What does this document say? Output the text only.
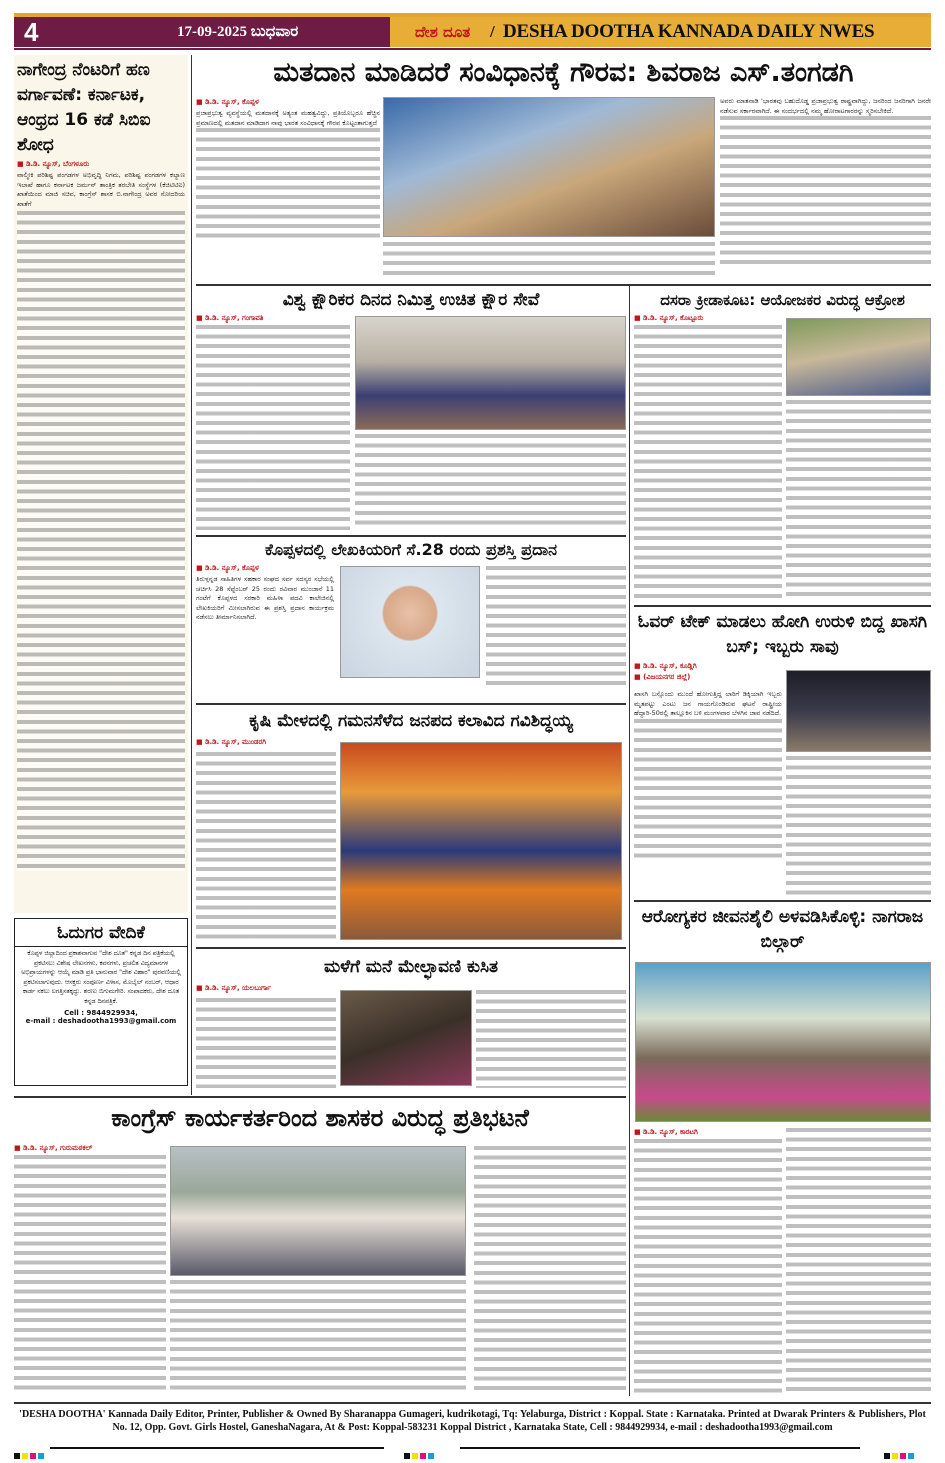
4	17-09-2025 ಬುಧವಾರ	ದೇಶ ದೂತ / DESHA DOOTHA KANNADA DAILY NWES
ನಾಗೇಂದ್ರ ನೆಂಟರಿಗೆ ಹಣ ವರ್ಗಾವಣೆ: ಕರ್ನಾಟಕ, ಆಂಧ್ರದ 16 ಕಡೆ ಸಿಬಿಐ ಶೋಧ
■ ಡಿ.ಡಿ. ನ್ಯೂಸ್, ಬೆಂಗಳೂರು
ವಾಲ್ಮೀಕಿ ಪರಿಶಿಷ್ಟ ಪಂಗಡಗಳ ಅಭಿವೃದ್ಧಿ ನಿಗಮ, ಪರಿಶಿಷ್ಟ ಪಂಗಡಗಳ ಕಲ್ಯಾಣ ಇಲಾಖೆ ಹಾಗೂ ಕರ್ನಾಟಕ ಜರ್ಮನ್ ತಾಂತ್ರಿಕ ತರಬೇತಿ ಸಂಸ್ಥೆಗಳ (ಕೆಜಿಟಿಟಿಐ) ಖಾತೆಯಿಂದ ಮಾಜಿ ಸಚಿವ, ಕಾಂಗ್ರೆಸ್ ಶಾಸಕ ಬಿ.ನಾಗೇಂದ್ರ ಅವರ ಸೋದರಿಯ ಖಾತೆಗೆ
ಓದುಗರ ವೇದಿಕೆ
ಕೊಪ್ಪಳ ಜಿಲ್ಲಾದಿಂದ ಪ್ರಕಾಶವಾಗುವ "ದೇಶ ದೂತ" ಕನ್ನಡ ದಿನ ಪತ್ರಿಕೆಯಲ್ಲಿ ಪ್ರಕಟಿಸಲು ವಿಶೇಷ ಲೇಖನಗಳು, ಕವನಗಳು, ಪ್ರಚಲಿತ ವಿದ್ಯಮಾನಗಳ ಅಭಿಪ್ರಾಯಗಳನ್ನು ಆಯ್ಕೆ ಮಾಡಿ ಪ್ರತಿ ಭಾನುವಾರ "ದೇಶ ವಿಹಾರ" ಪುರವಣಿಯಲ್ಲಿ ಪ್ರಕಟಿಸಲಾಗುವುದು. ಆಸಕ್ತರು ಸಂಪೂರ್ಣ ವಿಳಾಸ, ಮೊಬೈಲ್ ನಂಬರ್, ಆಧಾರ ಕಾರ್ಡ ನಕಲು ಲಗತ್ತಿಸತಕ್ಕದ್ದು. ಶರಣು ಬಿಗುಮಗೇರಿ. ಸಂಪಾದಕರು, ದೇಶ ದೂತ ಕನ್ನಡ ದಿನಪತ್ರಿಕೆ.
Cell : 9844929934,
e-mail : deshadootha1993@gmail.com
ಮತದಾನ ಮಾಡಿದರೆ ಸಂವಿಧಾನಕ್ಕೆ ಗೌರವ: ಶಿವರಾಜ ಎಸ್.ತಂಗಡಗಿ
■ ಡಿ.ಡಿ. ನ್ಯೂಸ್, ಕೊಪ್ಪಳ
ಪ್ರಜಾಪ್ರಭುತ್ವ ವ್ಯವಸ್ಥೆಯಲ್ಲಿ ಮತದಾನಕ್ಕೆ ಅತ್ಯಂತ ಮಹತ್ವವಿದ್ದು, ಪ್ರತಿಯೊಬ್ಬರೂ ಹೆಚ್ಚಿನ ಪ್ರಮಾಣದಲ್ಲಿ ಮತದಾನ ಮಾಡಿದಾಗ ನಾವು ಭಾರತ ಸಂವಿಧಾನಕ್ಕೆ ಗೌರವ ಕೊಟ್ಟಂತಾಗುತ್ತದೆ
ಅವರು ಮಾತನಾಡಿ 'ಭಾರತವು ಬಹುದೊಡ್ಡ ಪ್ರಜಾಪ್ರಭುತ್ವ ರಾಷ್ಟ್ರವಾಗಿದ್ದು, ಜನರಿಂದ ಜನರಿಗಾಗಿ ಜನರೇ ನಡೆಸುವ ಸರ್ಕಾರವಾಗಿದೆ. ಈ ಸಂದರ್ಭದಲ್ಲಿ ನಮ್ಮ ಹೋರಾಟಗಾರರನ್ನು ಸ್ಮರಿಸಬೇಕಿದೆ.
ವಿಶ್ವ ಕ್ಷೌರಿಕರ ದಿನದ ನಿಮಿತ್ತ ಉಚಿತ ಕ್ಷೌರ ಸೇವೆ
■ ಡಿ.ಡಿ. ನ್ಯೂಸ್, ಗಂಗಾವತಿ
ದಸರಾ ಕ್ರೀಡಾಕೂಟ: ಆಯೋಜಕರ ವಿರುದ್ಧ ಆಕ್ರೋಶ
■ ಡಿ.ಡಿ. ನ್ಯೂಸ್, ಕೊಟ್ಟೂರು
ಕೊಪ್ಪಳದಲ್ಲಿ ಲೇಖಕಿಯರಿಗೆ ಸೆ.28 ರಂದು ಪ್ರಶಸ್ತಿ ಪ್ರದಾನ
■ ಡಿ.ಡಿ. ನ್ಯೂಸ್, ಕೊಪ್ಪಳ
ತಿರುಳ್ಗನ್ನಡ ಸಾಹಿತಿಗಳ ಸಹಕಾರ ಸಂಘದ ಸರ್ವ ಸದಸ್ಯರ ಸಭೆಯಲ್ಲಿ ಚರ್ಚಿಸಿ 28 ಸೆಪ್ಟೆಂಬರ್ 25 ರಂದು ರವಿವಾರ ಮುಂಜಾನೆ 11 ಗಂಟೆಗೆ ಕೊಪ್ಪಳದ ಸರಕಾರಿ ಮಹಿಳಾ ಪದವಿ ಕಾಲೇಜಿನಲ್ಲಿ ಲೇಖಕಿಯರಿಗೆ ಮೀಸಲಾಗಿರುವ ಈ ಪ್ರಶಸ್ತಿ ಪ್ರದಾನ ಕಾರ್ಯಕ್ರಮ ನಡೆಸಲು ತೀರ್ಮಾನಿಸಲಾಗಿದೆ.	ಓವರ್ ಟೇಕ್ ಮಾಡಲು ಹೋಗಿ ಉರುಳಿ ಬಿದ್ದ ಖಾಸಗಿ ಬಸ್; ಇಬ್ಬರು ಸಾವು
■ ಡಿ.ಡಿ. ನ್ಯೂಸ್, ಕೂಡ್ಲಿಗಿ
■ (ವಿಜಯನಗರ ಜಿಲ್ಲೆ)
ಖಾಸಗಿ ಬಸ್ಸೊಂದು ಮುಂದೆ ಹೋಗುತ್ತಿದ್ದ ಲಾರಿಗೆ ಡಿಕ್ಕಿಯಾಗಿ ಇಬ್ಬರು ಮೃತಪಟ್ಟು ಎಂಟು ಜನ ಗಾಯಗೊಂಡಿರುವ ಘಟನೆ ರಾಷ್ಟ್ರೀಯ ಹೆದ್ದಾರಿ-50ರಲ್ಲಿ ತಾಲ್ಲೂಕಿನ ಬಳಿ ಮಂಗಳವಾರ ಬೆಳಗಿನ ಜಾವ ನಡೆದಿದೆ.
ಕೃಷಿ ಮೇಳದಲ್ಲಿ ಗಮನಸೆಳೆದ ಜನಪದ ಕಲಾವಿದ ಗವಿಶಿದ್ಧಯ್ಯ
■ ಡಿ.ಡಿ. ನ್ಯೂಸ್, ಮುಂಡರಗಿ
ಮಳೆಗೆ ಮನೆ ಮೇಲ್ಛಾವಣಿ ಕುಸಿತ
■ ಡಿ.ಡಿ. ನ್ಯೂಸ್, ಯಲಬುರ್ಗಾ
ಆರೋಗ್ಯಕರ ಜೀವನಶೈಲಿ ಅಳವಡಿಸಿಕೊಳ್ಳಿ: ನಾಗರಾಜ ಬಿಲ್ಗಾರ್
■ ಡಿ.ಡಿ. ನ್ಯೂಸ್, ಕಾರಟಗಿ
ಕಾಂಗ್ರೆಸ್ ಕಾರ್ಯಕರ್ತರಿಂದ ಶಾಸಕರ ವಿರುದ್ಧ ಪ್ರತಿಭಟನೆ
■ ಡಿ.ಡಿ. ನ್ಯೂಸ್, ಗುರುಮಠಕಲ್
'DESHA DOOTHA' Kannada Daily Editor, Printer, Publisher & Owned By Sharanappa Gumageri, kudrikotagi, Tq: Yelaburga, District : Koppal. State : Karnataka. Printed at Dwarak Printers & Publishers, Plot No. 12, Opp. Govt. Girls Hostel, GaneshaNagara, At & Post: Koppal-583231 Koppal District , Karnataka State, Cell : 9844929934, e-mail : deshadootha1993@gmail.com
